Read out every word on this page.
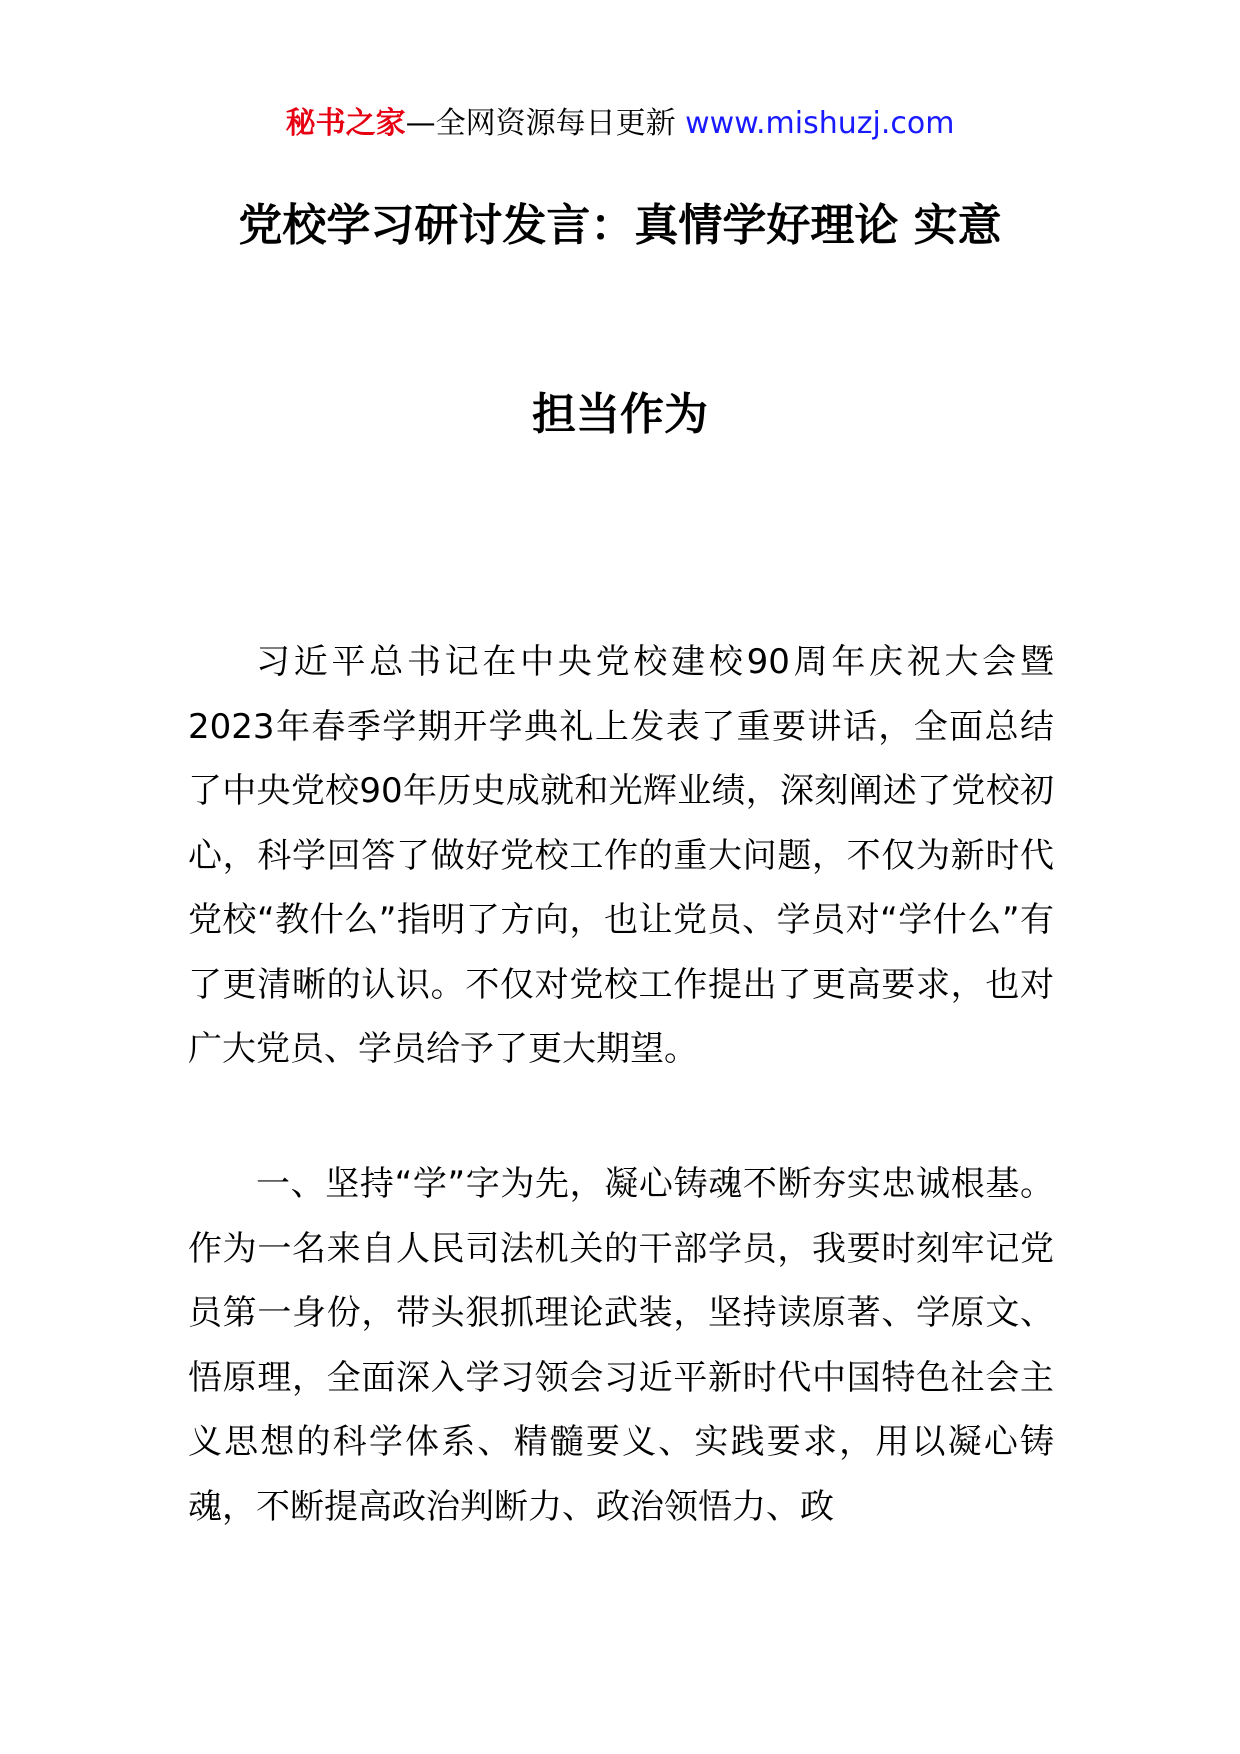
秘书之家—全网资源每日更新 www.mishuzj.com
党校学习研讨发言：真情学好理论 实意
担当作为

习近平总书记在中央党校建校90周年庆祝大会暨2023年春季学期开学典礼上发表了重要讲话，全面总结了中央党校90年历史成就和光辉业绩，深刻阐述了党校初心，科学回答了做好党校工作的重大问题，不仅为新时代党校“教什么”指明了方向，也让党员、学员对“学什么”有了更清晰的认识。不仅对党校工作提出了更高要求，也对广大党员、学员给予了更大期望。

一、坚持“学”字为先，凝心铸魂不断夯实忠诚根基。作为一名来自人民司法机关的干部学员，我要时刻牢记党员第一身份，带头狠抓理论武装，坚持读原著、学原文、悟原理，全面深入学习领会习近平新时代中国特色社会主义思想的科学体系、精髓要义、实践要求，用以凝心铸魂，不断提高政治判断力、政治领悟力、政
